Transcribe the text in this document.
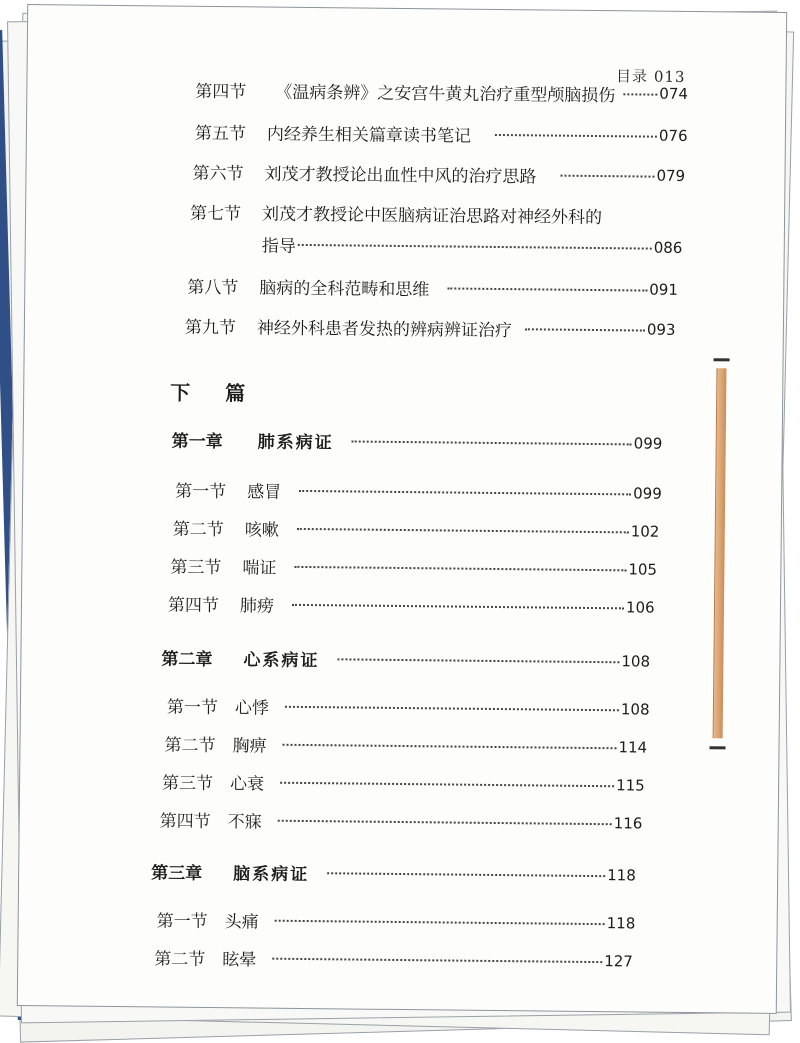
目录 013
第四节 《温病条辨》之安宫牛黄丸治疗重型颅脑损伤	074
第五节 内经养生相关篇章读书笔记	076
第六节 刘茂才教授论出血性中风的治疗思路	079
第七节 刘茂才教授论中医脑病证治思路对神经外科的
指导	086
第八节 脑病的全科范畴和思维	091
第九节 神经外科患者发热的辨病辨证治疗	093
下 篇
第一章 肺系病证	099
第一节 感冒	099
第二节 咳嗽	102
第三节 喘证	105
第四节 肺痨	106
第二章 心系病证	108
第一节 心悸	108
第二节 胸痹	114
第三节 心衰	115
第四节 不寐	116
第三章 脑系病证	118
第一节 头痛	118
第二节 眩晕	127
